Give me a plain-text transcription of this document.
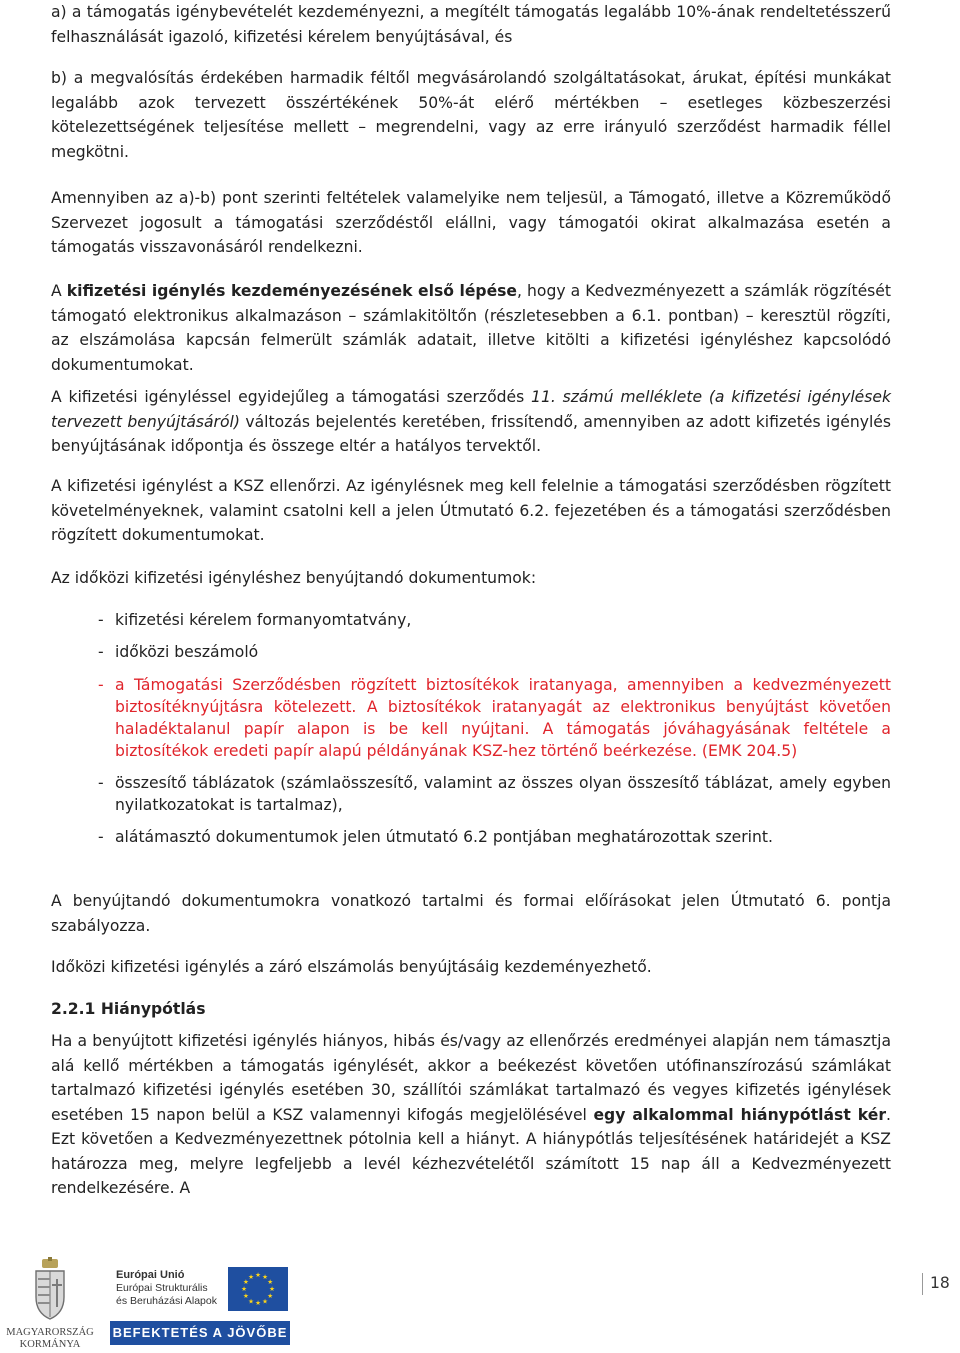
a) a támogatás igénybevételét kezdeményezni, a megítélt támogatás legalább 10%-ának rendeltetésszerű felhasználását igazoló, kifizetési kérelem benyújtásával, és

b) a megvalósítás érdekében harmadik féltől megvásárolandó szolgáltatásokat, árukat, építési munkákat legalább azok tervezett összértékének 50%-át elérő mértékben – esetleges közbeszerzési kötelezettségének teljesítése mellett – megrendelni, vagy az erre irányuló szerződést harmadik féllel megkötni.

Amennyiben az a)-b) pont szerinti feltételek valamelyike nem teljesül, a Támogató, illetve a Közreműködő Szervezet jogosult a támogatási szerződéstől elállni, vagy támogatói okirat alkalmazása esetén a támogatás visszavonásáról rendelkezni.

A kifizetési igénylés kezdeményezésének első lépése, hogy a Kedvezményezett a számlák rögzítését támogató elektronikus alkalmazáson – számlakitöltőn (részletesebben a 6.1. pontban) – keresztül rögzíti, az elszámolása kapcsán felmerült számlák adatait, illetve kitölti a kifizetési igényléshez kapcsolódó dokumentumokat.

A kifizetési igényléssel egyidejűleg a támogatási szerződés 11. számú melléklete (a kifizetési igénylések tervezett benyújtásáról) változás bejelentés keretében, frissítendő, amennyiben az adott kifizetés igénylés benyújtásának időpontja és összege eltér a hatályos tervektől.

A kifizetési igénylést a KSZ ellenőrzi. Az igénylésnek meg kell felelnie a támogatási szerződésben rögzített követelményeknek, valamint csatolni kell a jelen Útmutató 6.2. fejezetében és a támogatási szerződésben rögzített dokumentumokat.

Az időközi kifizetési igényléshez benyújtandó dokumentumok:

- kifizetési kérelem formanyomtatvány,
- időközi beszámoló
- a Támogatási Szerződésben rögzített biztosítékok iratanyaga, amennyiben a kedvezményezett biztosítéknyújtásra kötelezett. A biztosítékok iratanyagát az elektronikus benyújtást követően haladéktalanul papír alapon is be kell nyújtani. A támogatás jóváhagyásának feltétele a biztosítékok eredeti papír alapú példányának KSZ-hez történő beérkezése. (EMK 204.5)
- összesítő táblázatok (számlaösszesítő, valamint az összes olyan összesítő táblázat, amely egyben nyilatkozatokat is tartalmaz),
- alátámasztó dokumentumok jelen útmutató 6.2 pontjában meghatározottak szerint.

A benyújtandó dokumentumokra vonatkozó tartalmi és formai előírásokat jelen Útmutató 6. pontja szabályozza.

Időközi kifizetési igénylés a záró elszámolás benyújtásáig kezdeményezhető.

2.2.1 Hiánypótlás

Ha a benyújtott kifizetési igénylés hiányos, hibás és/vagy az ellenőrzés eredményei alapján nem támasztja alá kellő mértékben a támogatás igénylését, akkor a beékezést követően utófinanszírozású számlákat tartalmazó kifizetési igénylés esetében 30, szállítói számlákat tartalmazó és vegyes kifizetés igénylések esetében 15 napon belül a KSZ valamennyi kifogás megjelölésével egy alkalommal hiánypótlást kér. Ezt követően a Kedvezményezettnek pótolnia kell a hiányt. A hiánypótlás teljesítésének határidejét a KSZ határozza meg, melyre legfeljebb a levél kézhezvételétől számított 15 nap áll a Kedvezményezett rendelkezésére. A

MAGYARORSZÁG
KORMÁNYA
Európai Unió
Európai Strukturális
és Beruházási Alapok
★
★
★
★
★
★
★
★
★ ★ ★
★
BEFEKTETÉS A JÖVŐBE
18
